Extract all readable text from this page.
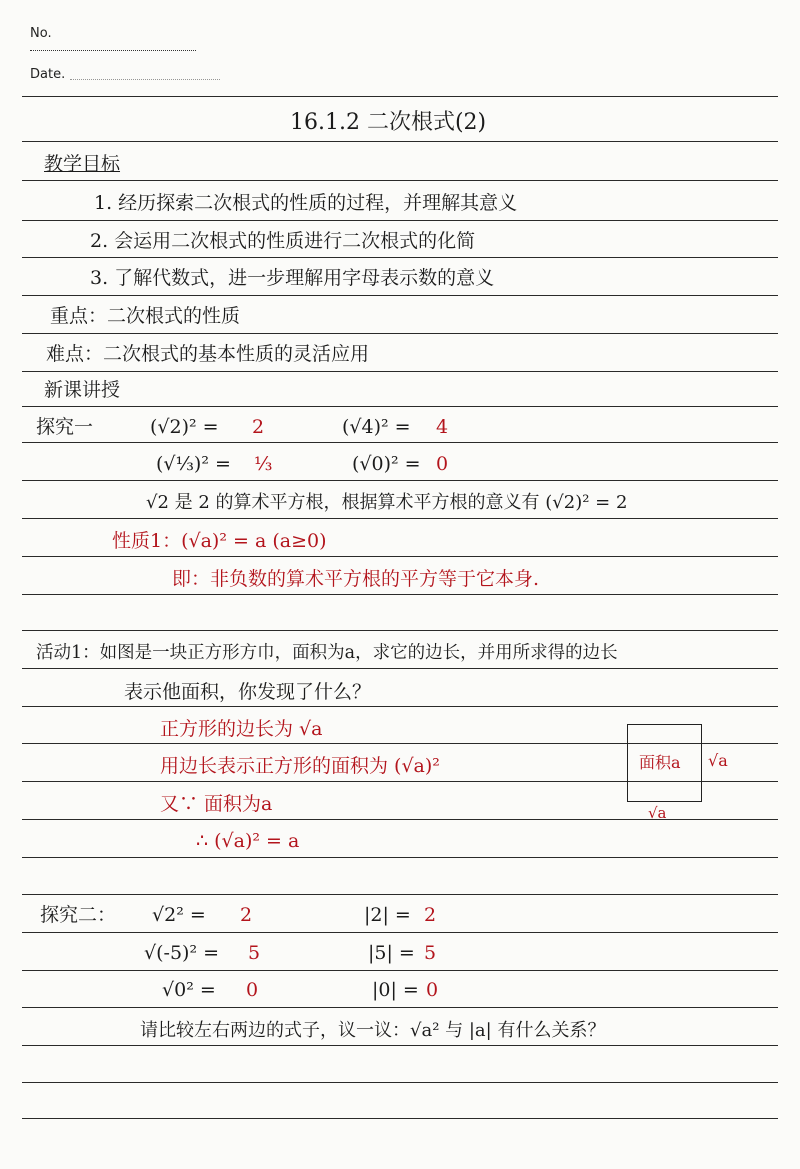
No.
Date.
16.1.2 二次根式(2)
教学目标
1. 经历探索二次根式的性质的过程，并理解其意义
2. 会运用二次根式的性质进行二次根式的化简
3. 了解代数式，进一步理解用字母表示数的意义
重点：二次根式的性质
难点：二次根式的基本性质的灵活应用
新课讲授
探究一	(√2)² = 2	(√4)² = 4
(√⅓)² = ⅓	(√0)² = 0
√2 是 2 的算术平方根，根据算术平方根的意义有 (√2)² = 2
性质1：(√a)² = a (a≥0)
即：非负数的算术平方根的平方等于它本身.
活动1：如图是一块正方形方巾，面积为a，求它的边长，并用所求得的边长
表示他面积，你发现了什么？
正方形的边长为 √a
用边长表示正方形的面积为 (√a)²
又∵ 面积为a
∴ (√a)² = a
面积a √a
√a
探究二： √2² = 2	|2| = 2
√(-5)² = 5	|5| = 5
√0² = 0	|0| = 0
请比较左右两边的式子，议一议：√a² 与 |a| 有什么关系？
